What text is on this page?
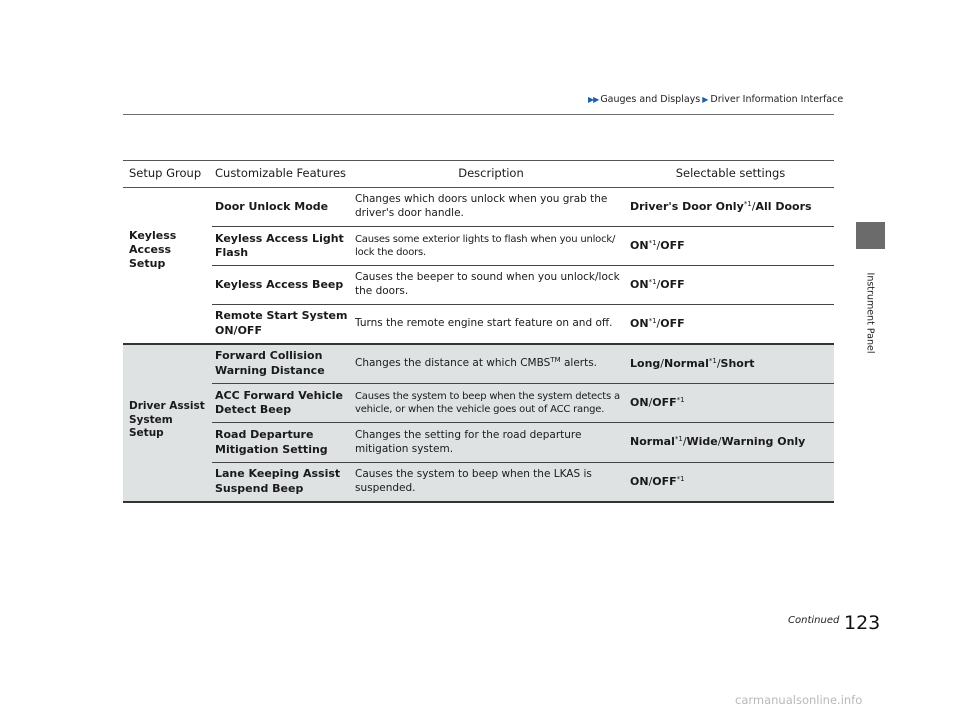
▶▶ Gauges and Displays ▶ Driver Information Interface
Instrument Panel
Setup Group	Customizable Features	Description	Selectable settings

Keyless Access Setup	Door Unlock Mode	Changes which doors unlock when you grab the driver's door handle.	Driver's Door Only$^{*1}$/All Doors
	Keyless Access Light Flash	Causes some exterior lights to flash when you unlock/ lock the doors.	ON$^{*1}$/OFF
	Keyless Access Beep	Causes the beeper to sound when you unlock/lock the doors.	ON$^{*1}$/OFF
	Remote Start System ON/OFF	Turns the remote engine start feature on and off.	ON$^{*1}$/OFF

Driver Assist System Setup	Forward Collision Warning Distance	Changes the distance at which CMBS™ alerts.	Long/Normal$^{*1}$/Short
	ACC Forward Vehicle Detect Beep	Causes the system to beep when the system detects a vehicle, or when the vehicle goes out of ACC range.	ON/OFF$^{*1}$
	Road Departure Mitigation Setting	Changes the setting for the road departure mitigation system.	Normal$^{*1}$/Wide/Warning Only
	Lane Keeping Assist Suspend Beep	Causes the system to beep when the LKAS is suspended.	ON/OFF$^{*1}$
Continued 123
carmanualsonline.info
